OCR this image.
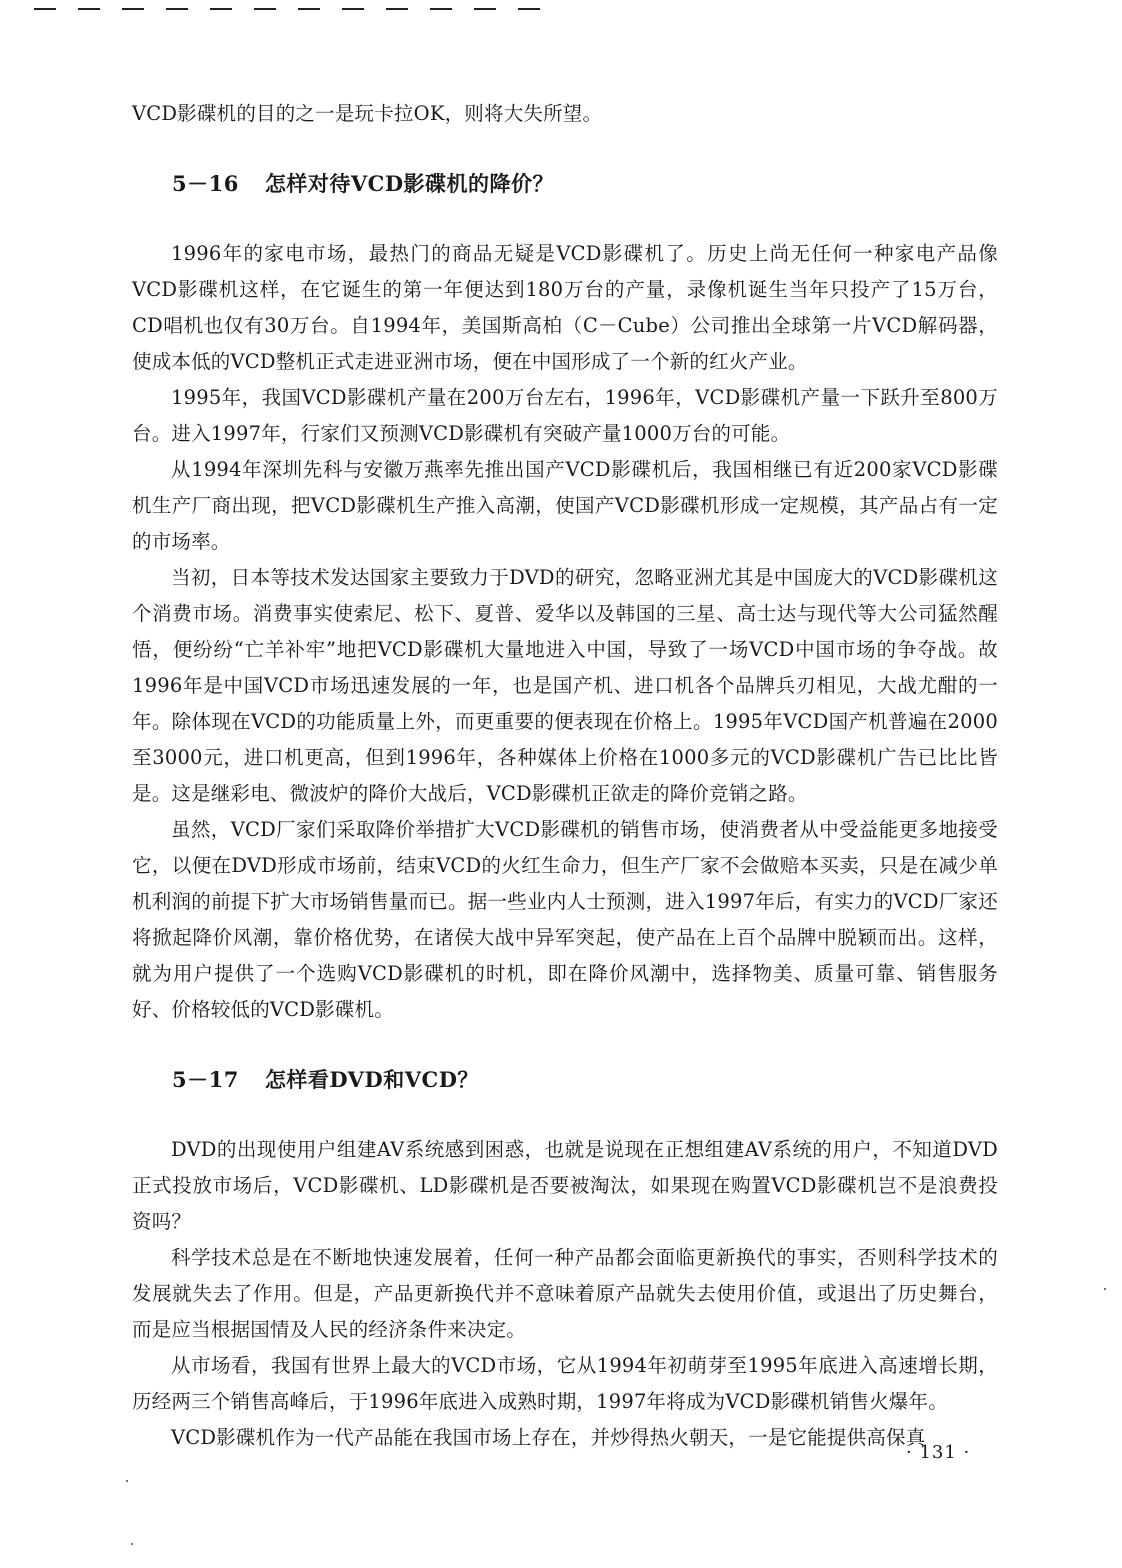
VCD影碟机的目的之一是玩卡拉OK，则将大失所望。

5－16 怎样对待VCD影碟机的降价？

1996年的家电市场，最热门的商品无疑是VCD影碟机了。历史上尚无任何一种家电产品像VCD影碟机这样，在它诞生的第一年便达到180万台的产量，录像机诞生当年只投产了15万台，CD唱机也仅有30万台。自1994年，美国斯高柏（C－Cube）公司推出全球第一片VCD解码器，使成本低的VCD整机正式走进亚洲市场，便在中国形成了一个新的红火产业。

1995年，我国VCD影碟机产量在200万台左右，1996年，VCD影碟机产量一下跃升至800万台。进入1997年，行家们又预测VCD影碟机有突破产量1000万台的可能。

从1994年深圳先科与安徽万燕率先推出国产VCD影碟机后，我国相继已有近200家VCD影碟机生产厂商出现，把VCD影碟机生产推入高潮，使国产VCD影碟机形成一定规模，其产品占有一定的市场率。

当初，日本等技术发达国家主要致力于DVD的研究，忽略亚洲尤其是中国庞大的VCD影碟机这个消费市场。消费事实使索尼、松下、夏普、爱华以及韩国的三星、高士达与现代等大公司猛然醒悟，便纷纷“亡羊补牢”地把VCD影碟机大量地进入中国，导致了一场VCD中国市场的争夺战。故1996年是中国VCD市场迅速发展的一年，也是国产机、进口机各个品牌兵刃相见，大战尤酣的一年。除体现在VCD的功能质量上外，而更重要的便表现在价格上。1995年VCD国产机普遍在2000至3000元，进口机更高，但到1996年，各种媒体上价格在1000多元的VCD影碟机广告已比比皆是。这是继彩电、微波炉的降价大战后，VCD影碟机正欲走的降价竞销之路。

虽然，VCD厂家们采取降价举措扩大VCD影碟机的销售市场，使消费者从中受益能更多地接受它，以便在DVD形成市场前，结束VCD的火红生命力，但生产厂家不会做赔本买卖，只是在减少单机利润的前提下扩大市场销售量而已。据一些业内人士预测，进入1997年后，有实力的VCD厂家还将掀起降价风潮，靠价格优势，在诸侯大战中异军突起，使产品在上百个品牌中脱颖而出。这样，就为用户提供了一个选购VCD影碟机的时机，即在降价风潮中，选择物美、质量可靠、销售服务好、价格较低的VCD影碟机。

5－17 怎样看DVD和VCD？

DVD的出现使用户组建AV系统感到困惑，也就是说现在正想组建AV系统的用户，不知道DVD正式投放市场后，VCD影碟机、LD影碟机是否要被淘汰，如果现在购置VCD影碟机岂不是浪费投资吗？

科学技术总是在不断地快速发展着，任何一种产品都会面临更新换代的事实，否则科学技术的发展就失去了作用。但是，产品更新换代并不意味着原产品就失去使用价值，或退出了历史舞台，而是应当根据国情及人民的经济条件来决定。

从市场看，我国有世界上最大的VCD市场，它从1994年初萌芽至1995年底进入高速增长期，历经两三个销售高峰后，于1996年底进入成熟时期，1997年将成为VCD影碟机销售火爆年。

VCD影碟机作为一代产品能在我国市场上存在，并炒得热火朝天，一是它能提供高保真

· 131 ·
